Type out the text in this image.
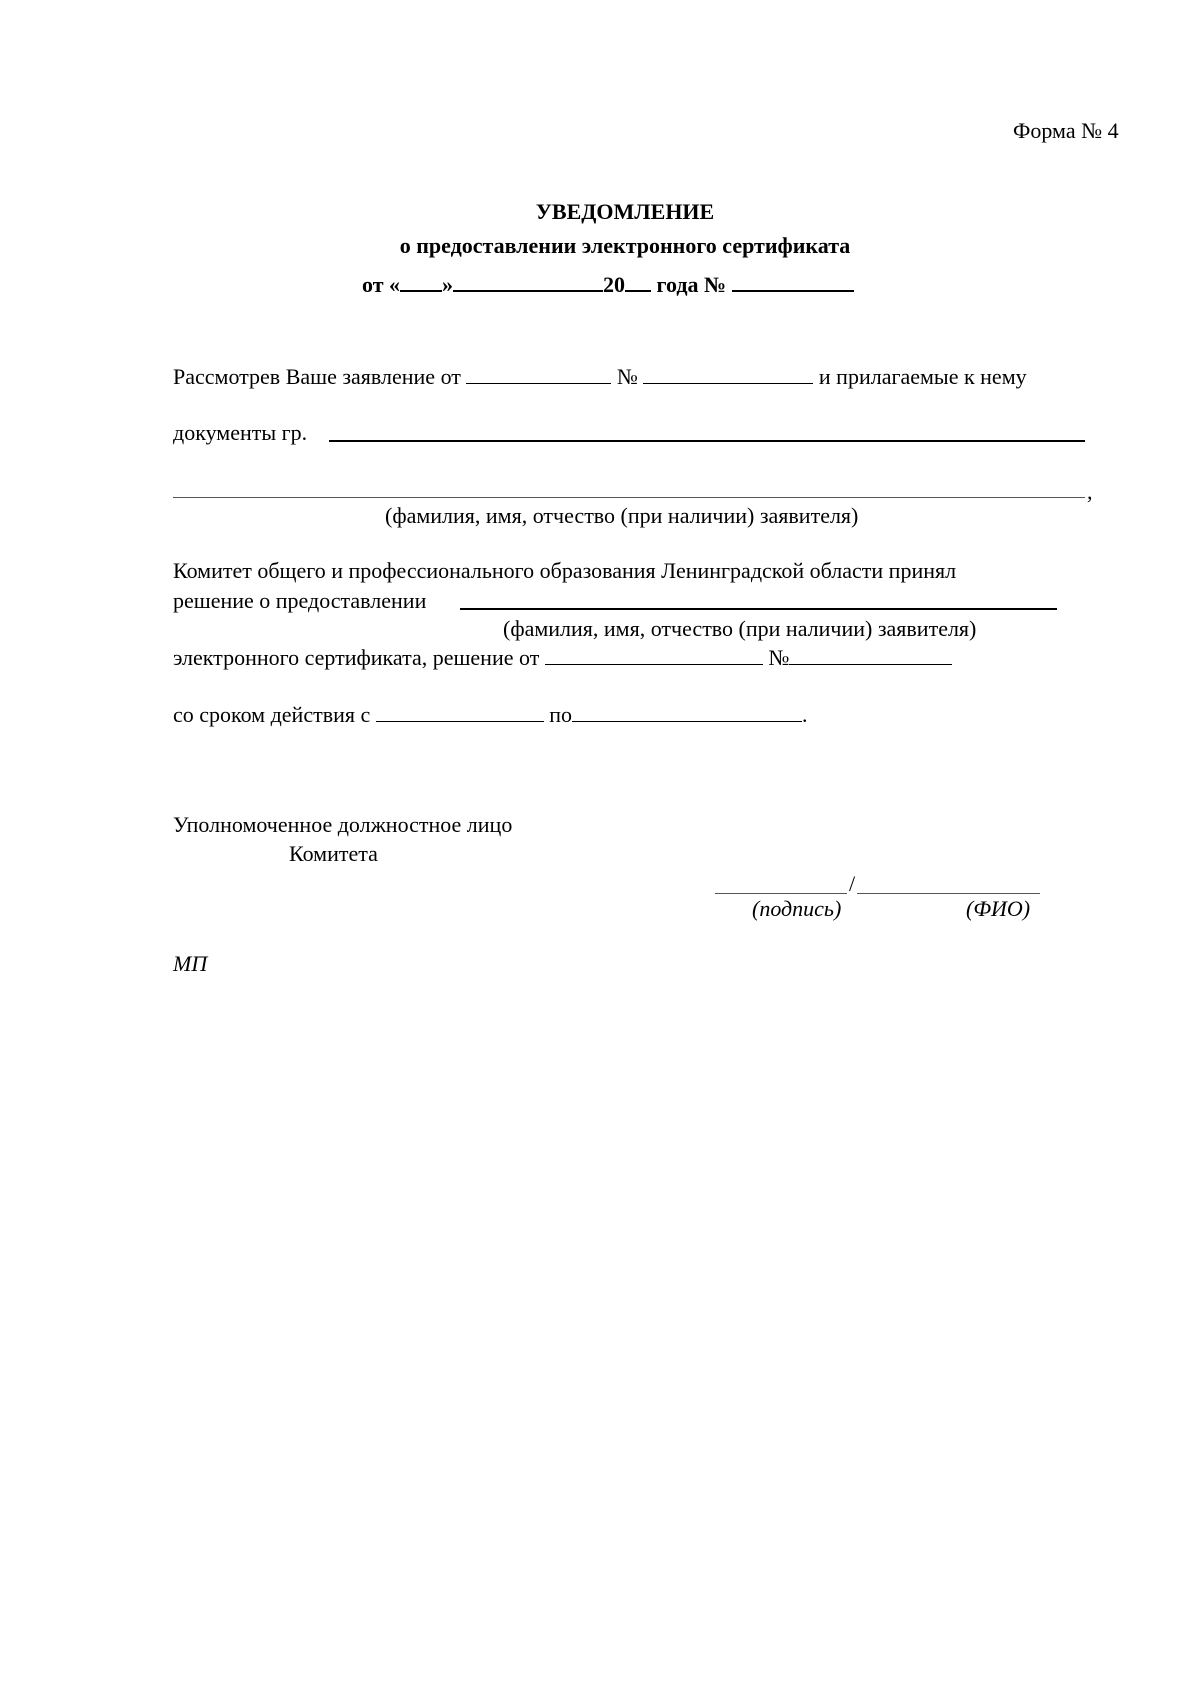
Форма № 4
УВЕДОМЛЕНИЕ
о предоставлении электронного сертификата
от « »	20 года №
Рассмотрев Ваше заявление от	№	и прилагаемые к нему
документы гр.
,
(фамилия, имя, отчество (при наличии) заявителя)
Комитет общего и профессионального образования Ленинградской области принял
решение о предоставлении
(фамилия, имя, отчество (при наличии) заявителя)
электронного сертификата, решение от	№
со сроком действия с	по	.
Уполномоченное должностное лицо
Комитета
/
(подпись)	(ФИО)
МП
